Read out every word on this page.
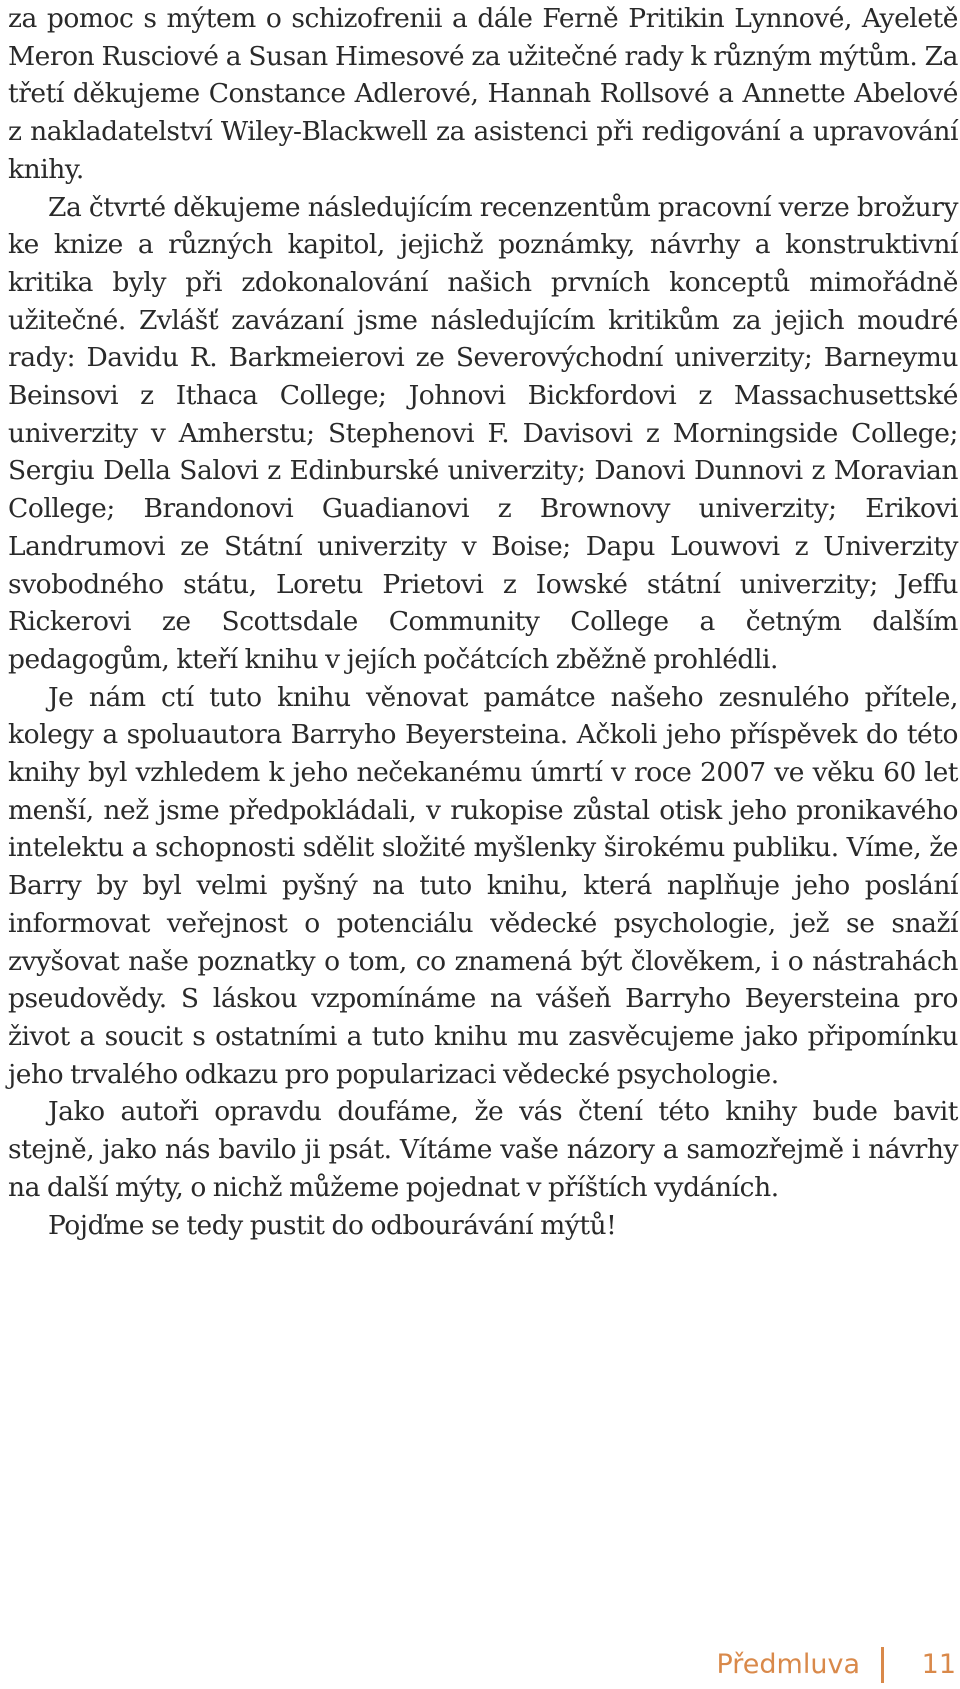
za pomoc s mýtem o schizofrenii a dále Ferně Pritikin Lynnové, Ayeletě Meron Rusciové a Susan Himesové za užitečné rady k různým mýtům. Za třetí děkujeme Constance Adlerové, Hannah Rollsové a Annette Abelové z nakladatelství Wiley-Blackwell za asistenci při redigování a upravování knihy.

Za čtvrté děkujeme následujícím recenzentům pracovní verze brožury ke knize a různých kapitol, jejichž poznámky, návrhy a konstruktivní kritika byly při zdokonalování našich prvních konceptů mimořádně užitečné. Zvlášť zavázaní jsme následujícím kritikům za jejich moudré rady: Davidu R. Barkmeierovi ze Severovýchodní univerzity; Barneymu Beinsovi z Ithaca College; Johnovi Bickfordovi z Massachusettské univerzity v Amherstu; Stephenovi F. Davisovi z Morningside College; Sergiu Della Salovi z Edinburské univerzity; Danovi Dunnovi z Moravian College; Brandonovi Guadianovi z Brownovy univerzity; Erikovi Landrumovi ze Státní univerzity v Boise; Dapu Louwovi z Univerzity svobodného státu, Loretu Prietovi z Iowské státní univerzity; Jeffu Rickerovi ze Scottsdale Community College a četným dalším pedagogům, kteří knihu v jejích počátcích zběžně prohlédli.

Je nám ctí tuto knihu věnovat památce našeho zesnulého přítele, kolegy a spoluautora Barryho Beyersteina. Ačkoli jeho příspěvek do této knihy byl vzhledem k jeho nečekanému úmrtí v roce 2007 ve věku 60 let menší, než jsme předpokládali, v rukopise zůstal otisk jeho pronikavého intelektu a schopnosti sdělit složité myšlenky širokému publiku. Víme, že Barry by byl velmi pyšný na tuto knihu, která naplňuje jeho poslání informovat veřejnost o potenciálu vědecké psychologie, jež se snaží zvyšovat naše poznatky o tom, co znamená být člověkem, i o nástrahách pseudovědy. S láskou vzpomínáme na vášeň Barryho Beyersteina pro život a soucit s ostatními a tuto knihu mu zasvěcujeme jako připomínku jeho trvalého odkazu pro popularizaci vědecké psychologie.

Jako autoři opravdu doufáme, že vás čtení této knihy bude bavit stejně, jako nás bavilo ji psát. Vítáme vaše názory a samozřejmě i návrhy na další mýty, o nichž můžeme pojednat v příštích vydáních.

Pojďme se tedy pustit do odbourávání mýtů!

Předmluva 11
